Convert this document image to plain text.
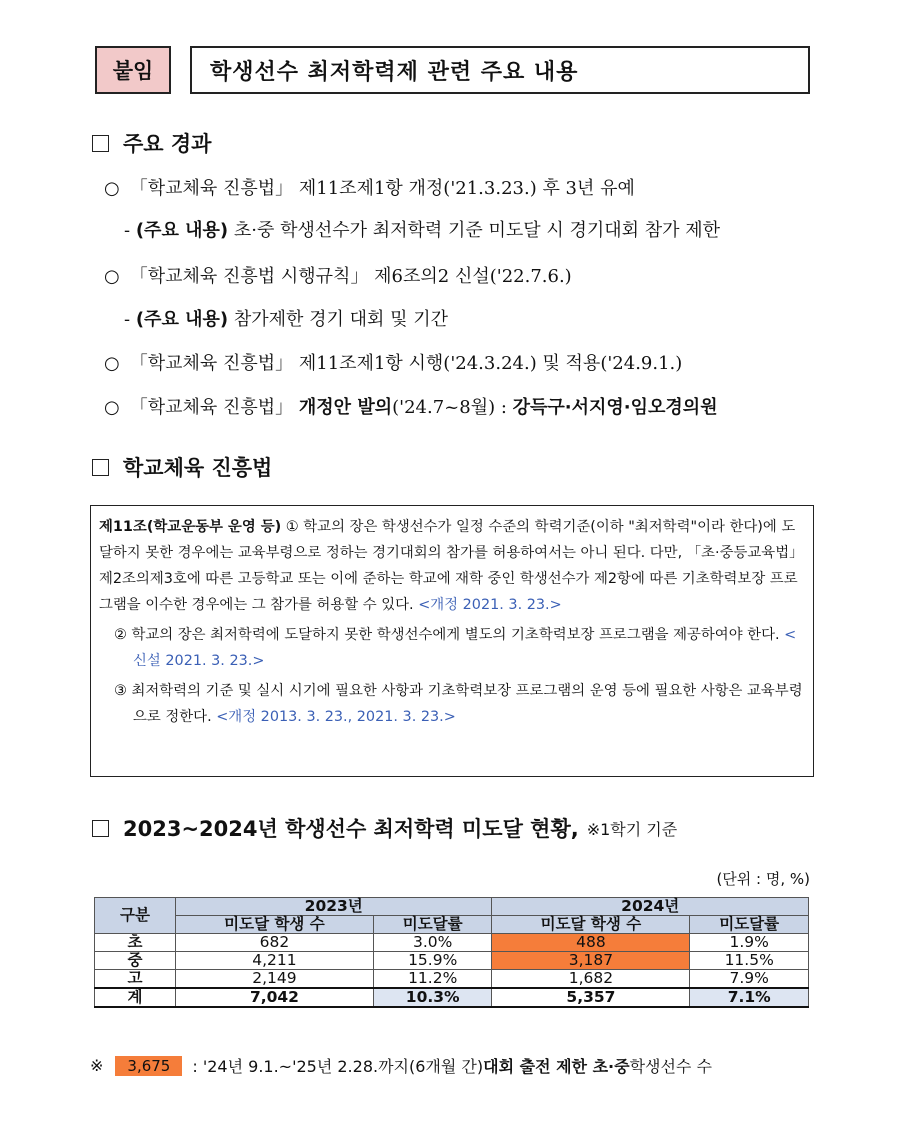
붙임	학생선수 최저학력제 관련 주요 내용
주요 경과
○ 「학교체육 진흥법」 제11조제1항 개정('21.3.23.) 후 3년 유예
- (주요 내용) 초·중 학생선수가 최저학력 기준 미도달 시 경기대회 참가 제한
○ 「학교체육 진흥법 시행규칙」 제6조의2 신설('22.7.6.)
- (주요 내용) 참가제한 경기 대회 및 기간
○ 「학교체육 진흥법」 제11조제1항 시행('24.3.24.) 및 적용('24.9.1.)
○ 「학교체육 진흥법」 개정안 발의('24.7~8월) : 강득구·서지영·임오경의원
학교체육 진흥법

제11조(학교운동부 운영 등) ① 학교의 장은 학생선수가 일정 수준의 학력기준(이하 "최저학력"이라 한다)에 도달하지 못한 경우에는 교육부령으로 정하는 경기대회의 참가를 허용하여서는 아니 된다. 다만, 「초·중등교육법」 제2조의제3호에 따른 고등학교 또는 이에 준하는 학교에 재학 중인 학생선수가 제2항에 따른 기초학력보장 프로그램을 이수한 경우에는 그 참가를 허용할 수 있다. <개정 2021. 3. 23.>

② 학교의 장은 최저학력에 도달하지 못한 학생선수에게 별도의 기초학력보장 프로그램을 제공하여야 한다. <신설 2021. 3. 23.>

③ 최저학력의 기준 및 실시 시기에 필요한 사항과 기초학력보장 프로그램의 운영 등에 필요한 사항은 교육부령으로 정한다. <개정 2013. 3. 23., 2021. 3. 23.>

2023~2024년 학생선수 최저학력 미도달 현황, ※1학기 기준
(단위 : 명, %)
구분	2023년		2024년	
	미도달 학생 수	미도달률	미도달 학생 수	미도달률
초	682	3.0%	488	1.9%
중	4,211	15.9%	3,187	11.5%
고	2,149	11.2%	1,682	7.9%
계	7,042	10.3%	5,357	7.1%
※	3,675	: '24년 9.1.~'25년 2.28.까지(6개월 간) 대회 출전 제한 초·중 학생선수 수
